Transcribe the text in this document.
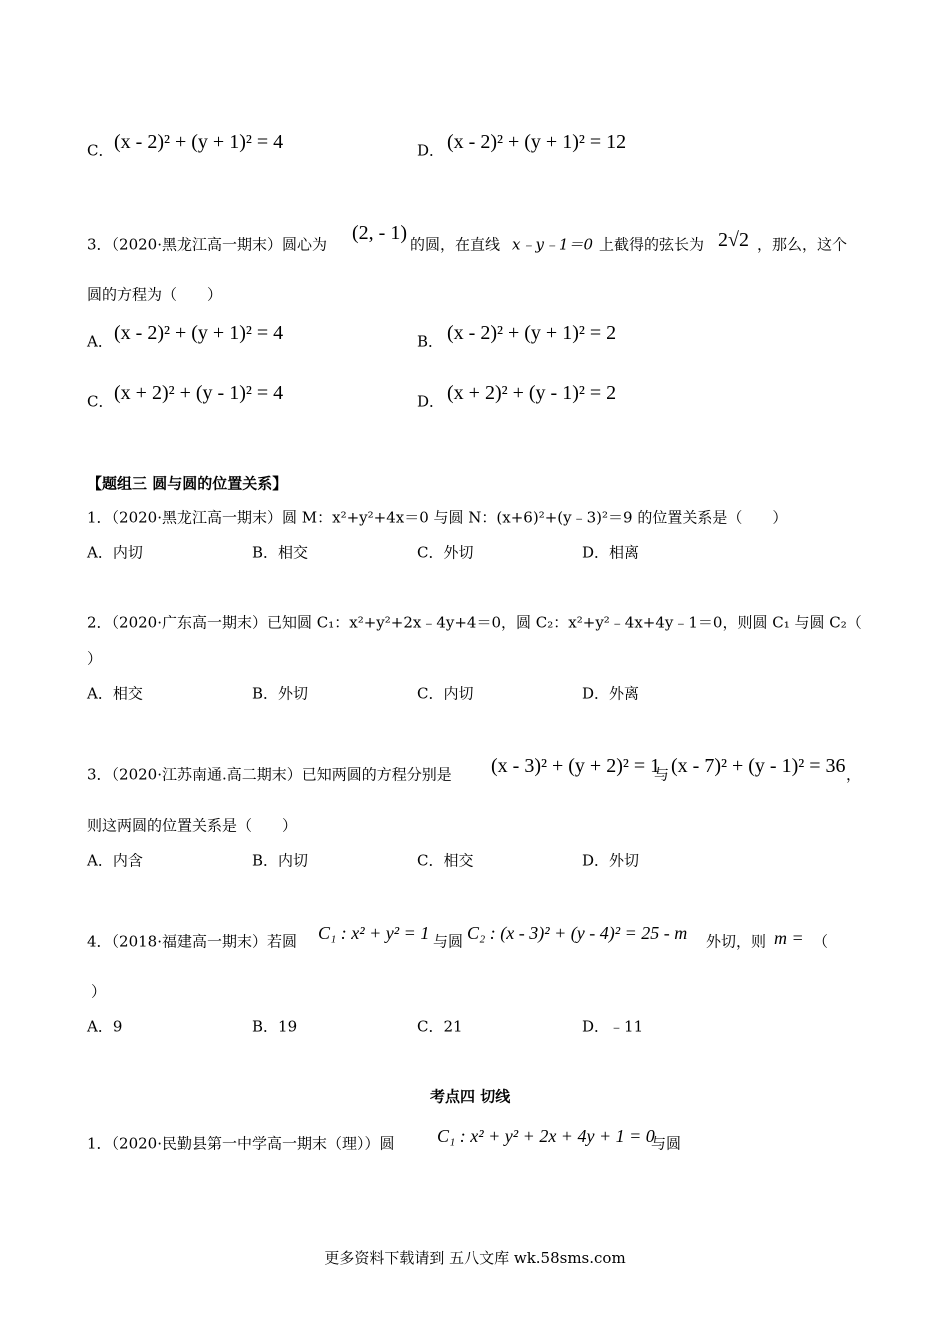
C． (x - 2)² + (y + 1)² = 4	D． (x - 2)² + (y + 1)² = 12
3．（2020·黑龙江高一期末）圆心为
(2, - 1)
的圆，在直线 x﹣y﹣1＝0 上截得的弦长为 2√2 ，那么，这个
圆的方程为（　　）
A． (x - 2)² + (y + 1)² = 4	B． (x - 2)² + (y + 1)² = 2
C． (x + 2)² + (y - 1)² = 4	D． (x + 2)² + (y - 1)² = 2
【题组三 圆与圆的位置关系】
1．（2020·黑龙江高一期末）圆 M：x²+y²+4x＝0 与圆 N：(x+6)²+(y﹣3)²＝9 的位置关系是（　　）
A．内切	B．相交	C．外切	D．相离
2．（2020·广东高一期末）已知圆 C₁：x²+y²+2x﹣4y+4＝0，圆 C₂：x²+y²﹣4x+4y﹣1＝0，则圆 C₁ 与圆 C₂（
）
A．相交	B．外切	C．内切	D．外离
3．（2020·江苏南通.高二期末）已知两圆的方程分别是 (x - 3)² + (y + 2)² = 1
与 (x - 7)² + (y - 1)² = 36 ，
则这两圆的位置关系是（　　）
A．内含	B．内切	C．相交	D．外切
4．（2018·福建高一期末）若圆 C₁ : x² + y² = 1 与圆 C₂ : (x - 3)² + (y - 4)² = 25 - m 外切，则 m = （
）
A．9	B．19	C．21	D．﹣11
考点四 切线
1．（2020·民勤县第一中学高一期末（理））圆 C₁ : x² + y² + 2x + 4y + 1 = 0
与圆
更多资料下载请到 五八文库 wk.58sms.com
